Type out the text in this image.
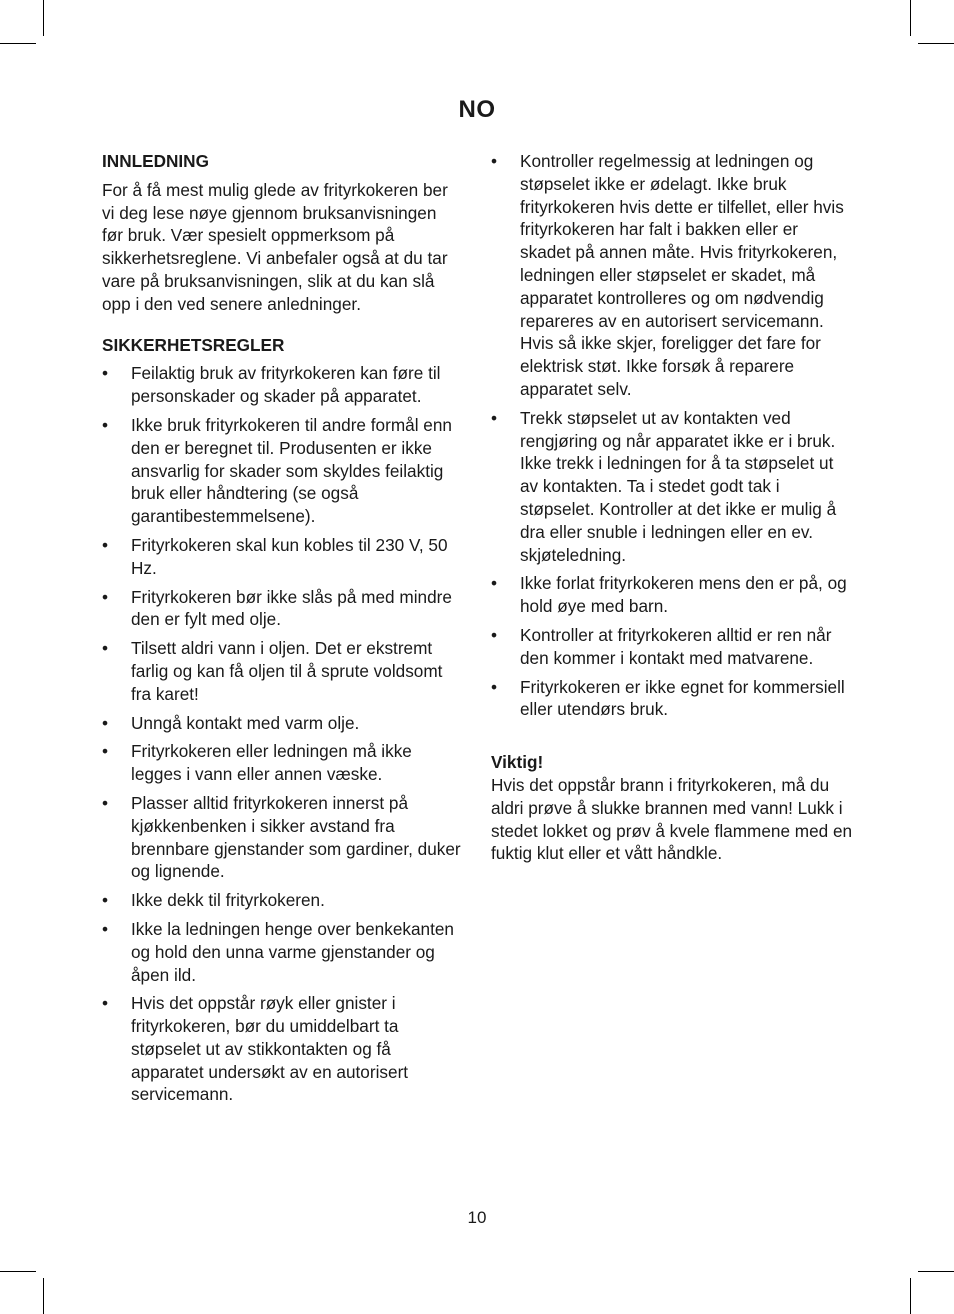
NO

INNLEDNING

For å få mest mulig glede av frityrkokeren ber vi deg lese nøye gjennom bruksanvisningen før bruk. Vær spesielt oppmerksom på sikkerhetsreglene. Vi anbefaler også at du tar vare på bruksanvisningen, slik at du kan slå opp i den ved senere anledninger.

SIKKERHETSREGLER

• Feilaktig bruk av frityrkokeren kan føre til personskader og skader på apparatet.
• Ikke bruk frityrkokeren til andre formål enn den er beregnet til. Produsenten er ikke ansvarlig for skader som skyldes feilaktig bruk eller håndtering (se også garantibestemmelsene).
• Frityrkokeren skal kun kobles til 230 V, 50 Hz.
• Frityrkokeren bør ikke slås på med mindre den er fylt med olje.
• Tilsett aldri vann i oljen. Det er ekstremt farlig og kan få oljen til å sprute voldsomt fra karet!
• Unngå kontakt med varm olje.
• Frityrkokeren eller ledningen må ikke legges i vann eller annen væske.
• Plasser alltid frityrkokeren innerst på kjøkkenbenken i sikker avstand fra brennbare gjenstander som gardiner, duker og lignende.
• Ikke dekk til frityrkokeren.
• Ikke la ledningen henge over benkekanten og hold den unna varme gjenstander og åpen ild.
• Hvis det oppstår røyk eller gnister i frityrkokeren, bør du umiddelbart ta støpselet ut av stikkontakten og få apparatet undersøkt av en autorisert servicemann.
• Kontroller regelmessig at ledningen og støpselet ikke er ødelagt. Ikke bruk frityrkokeren hvis dette er tilfellet, eller hvis frityrkokeren har falt i bakken eller er skadet på annen måte. Hvis frityrkokeren, ledningen eller støpselet er skadet, må apparatet kontrolleres og om nødvendig repareres av en autorisert servicemann. Hvis så ikke skjer, foreligger det fare for elektrisk støt. Ikke forsøk å reparere apparatet selv.
• Trekk støpselet ut av kontakten ved rengjøring og når apparatet ikke er i bruk. Ikke trekk i ledningen for å ta støpselet ut av kontakten. Ta i stedet godt tak i støpselet. Kontroller at det ikke er mulig å dra eller snuble i ledningen eller en ev. skjøteledning.
• Ikke forlat frityrkokeren mens den er på, og hold øye med barn.
• Kontroller at frityrkokeren alltid er ren når den kommer i kontakt med matvarene.
• Frityrkokeren er ikke egnet for kommersiell eller utendørs bruk.

Viktig!

Hvis det oppstår brann i frityrkokeren, må du aldri prøve å slukke brannen med vann! Lukk i stedet lokket og prøv å kvele flammene med en fuktig klut eller et vått håndkle.

10
